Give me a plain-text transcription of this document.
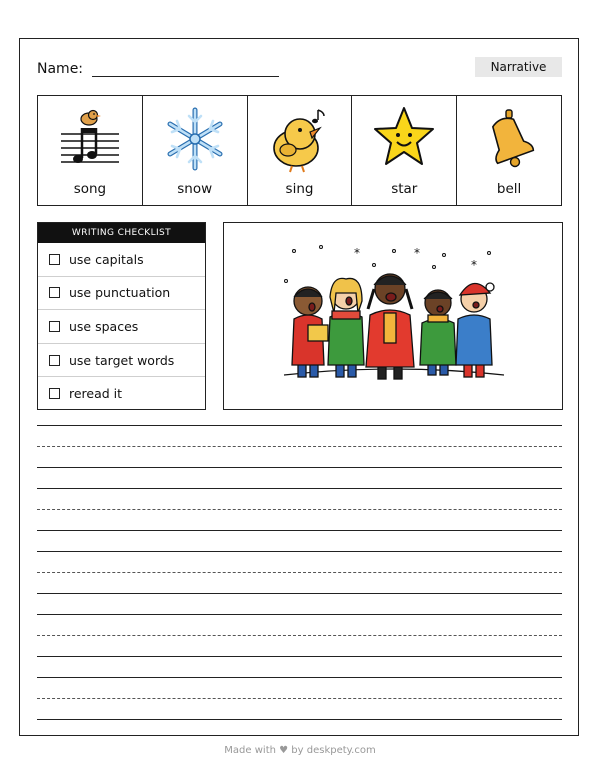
Name:	Narrative
song	snow	sing	star	bell
WRITING CHECKLIST
use capitals
use punctuation
use spaces
use target words
reread it
*	*
*
Made with ♥ by deskpety.com
